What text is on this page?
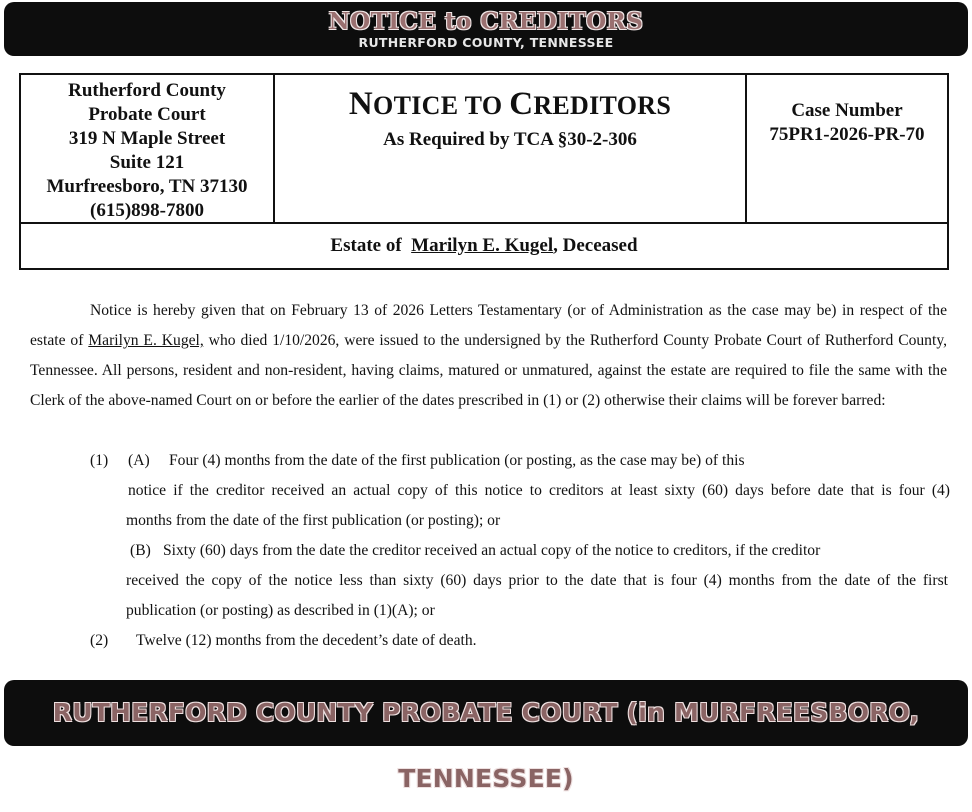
NOTICE to CREDITORS
RUTHERFORD COUNTY, TENNESSEE
Rutherford County
Probate Court
319 N Maple Street
Suite 121
Murfreesboro, TN 37130
(615)898-7800
NOTICE TO CREDITORS
As Required by TCA §30-2-306
Case Number
75PR1-2026-PR-70
Estate of Marilyn E. Kugel, Deceased

Notice is hereby given that on February 13 of 2026 Letters Testamentary (or of Administration as the case may be) in respect of the estate of Marilyn E. Kugel, who died 1/10/2026, were issued to the undersigned by the Rutherford County Probate Court of Rutherford County, Tennessee. All persons, resident and non-resident, having claims, matured or unmatured, against the estate are required to file the same with the Clerk of the above-named Court on or before the earlier of the dates prescribed in (1) or (2) otherwise their claims will be forever barred:

(1) (A) Four (4) months from the date of the first publication (or posting, as the case may be) of this
notice if the creditor received an actual copy of this notice to creditors at least sixty (60) days before date that is four (4)
months from the date of the first publication (or posting); or
(B) Sixty (60) days from the date the creditor received an actual copy of the notice to creditors, if the creditor
received the copy of the notice less than sixty (60) days prior to the date that is four (4) months from the date of the first
publication (or posting) as described in (1)(A); or
(2) Twelve (12) months from the decedent’s date of death.
RUTHERFORD COUNTY PROBATE COURT (in MURFREESBORO, TENNESSEE)
